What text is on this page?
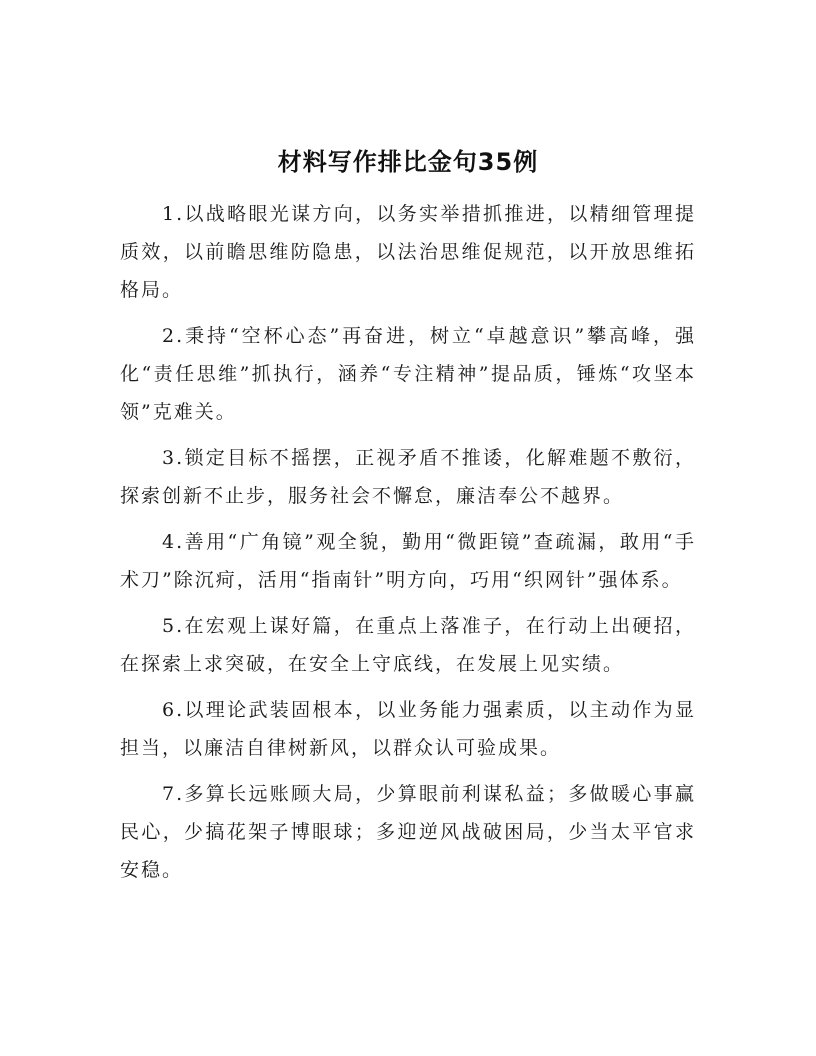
材料写作排比金句35例

1.以战略眼光谋方向，以务实举措抓推进，以精细管理提质效，以前瞻思维防隐患，以法治思维促规范，以开放思维拓格局。

2.秉持“空杯心态”再奋进，树立“卓越意识”攀高峰，强化“责任思维”抓执行，涵养“专注精神”提品质，锤炼“攻坚本领”克难关。

3.锁定目标不摇摆，正视矛盾不推诿，化解难题不敷衍，探索创新不止步，服务社会不懈怠，廉洁奉公不越界。

4.善用“广角镜”观全貌，勤用“微距镜”查疏漏，敢用“手术刀”除沉疴，活用“指南针”明方向，巧用“织网针”强体系。

5.在宏观上谋好篇，在重点上落准子，在行动上出硬招，在探索上求突破，在安全上守底线，在发展上见实绩。

6.以理论武装固根本，以业务能力强素质，以主动作为显担当，以廉洁自律树新风，以群众认可验成果。

7.多算长远账顾大局，少算眼前利谋私益；多做暖心事赢民心，少搞花架子博眼球；多迎逆风战破困局，少当太平官求安稳。
